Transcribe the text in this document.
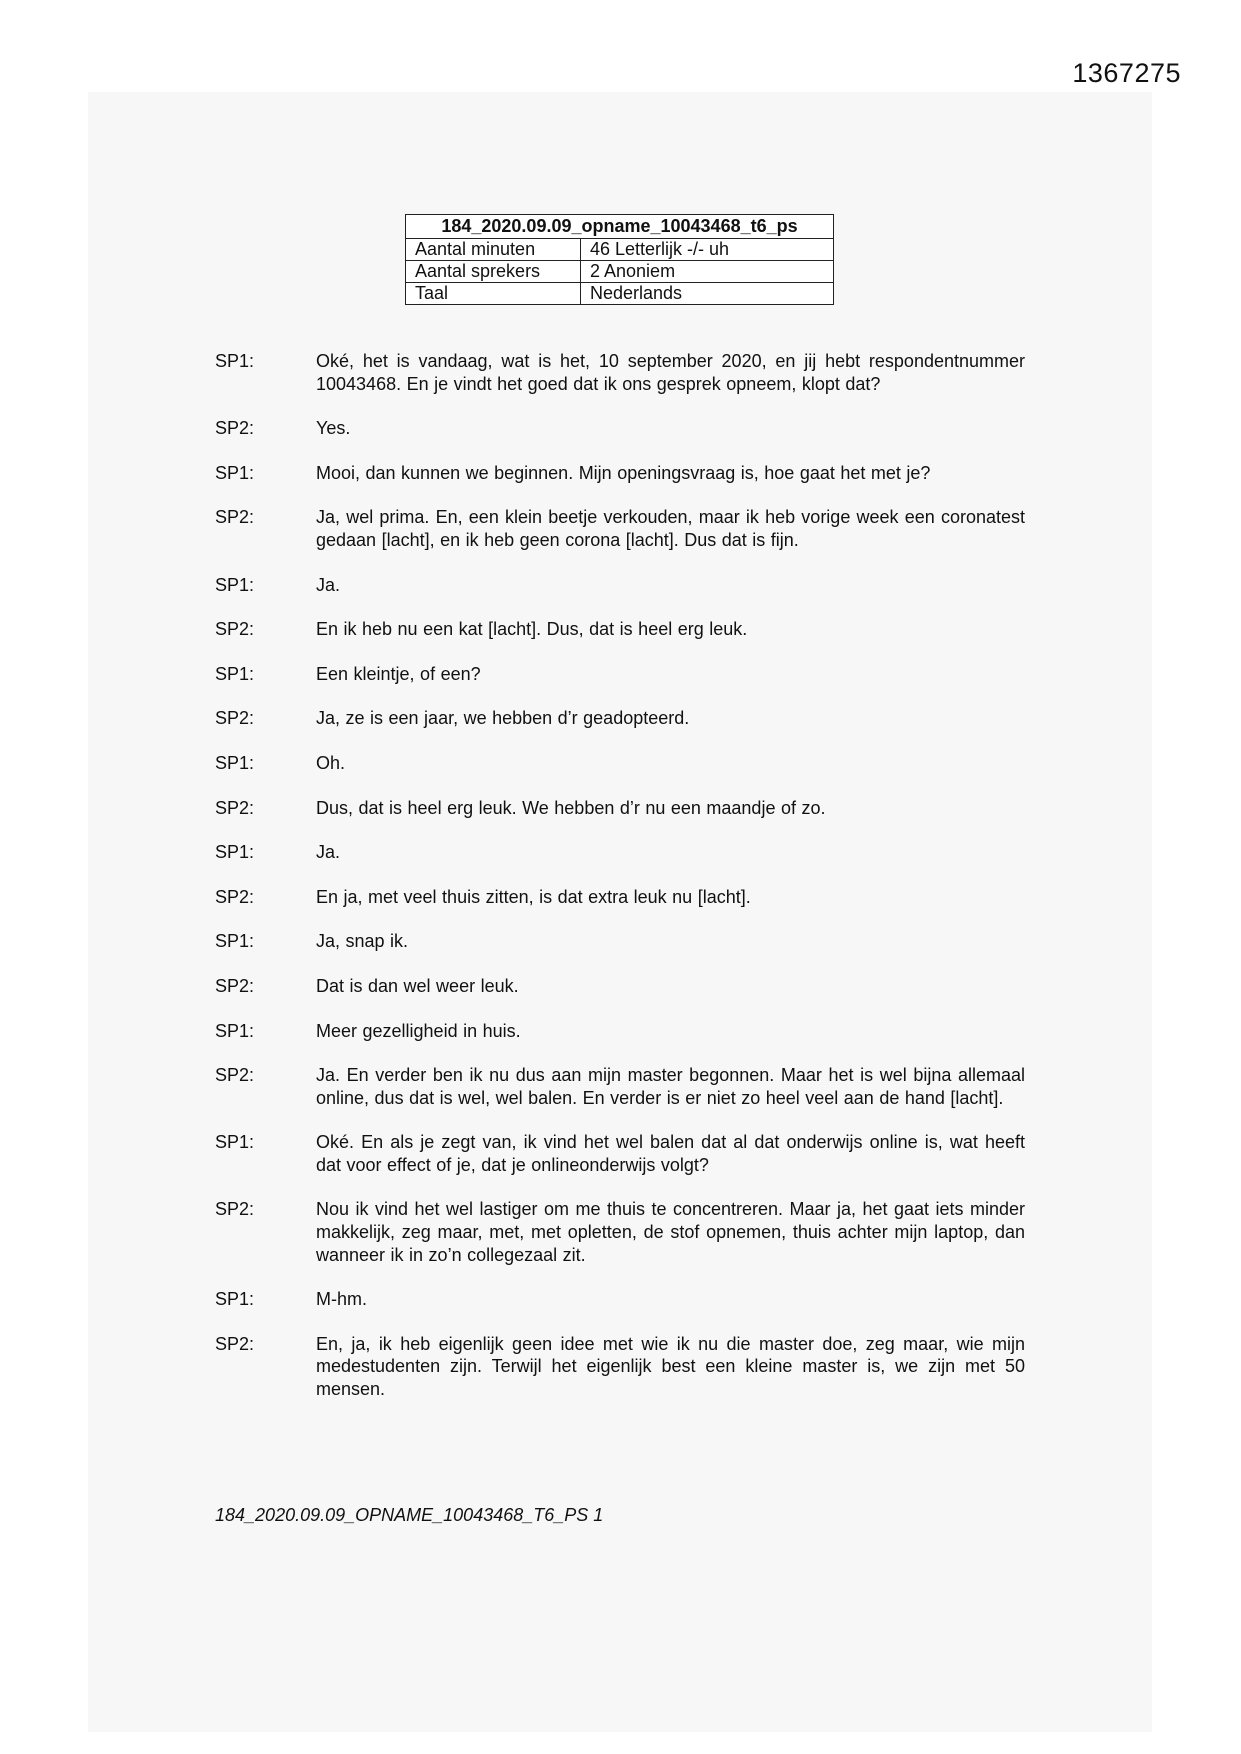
1367275
184_2020.09.09_opname_10043468_t6_ps	
Aantal minuten	46 Letterlijk -/- uh
Aantal sprekers	2 Anoniem
Taal	Nederlands
SP1:	Oké, het is vandaag, wat is het, 10 september 2020, en jij hebt respondentnummer 10043468. En je vindt het goed dat ik ons gesprek opneem, klopt dat?
SP2:	Yes.
SP1:	Mooi, dan kunnen we beginnen. Mijn openingsvraag is, hoe gaat het met je?
SP2:	Ja, wel prima. En, een klein beetje verkouden, maar ik heb vorige week een coronatest gedaan [lacht], en ik heb geen corona [lacht]. Dus dat is fijn.
SP1:	Ja.
SP2:	En ik heb nu een kat [lacht]. Dus, dat is heel erg leuk.
SP1:	Een kleintje, of een?
SP2:	Ja, ze is een jaar, we hebben d’r geadopteerd.
SP1:	Oh.
SP2:	Dus, dat is heel erg leuk. We hebben d’r nu een maandje of zo.
SP1:	Ja.
SP2:	En ja, met veel thuis zitten, is dat extra leuk nu [lacht].
SP1:	Ja, snap ik.
SP2:	Dat is dan wel weer leuk.
SP1:	Meer gezelligheid in huis.
SP2:	Ja. En verder ben ik nu dus aan mijn master begonnen. Maar het is wel bijna allemaal online, dus dat is wel, wel balen. En verder is er niet zo heel veel aan de hand [lacht].
SP1:	Oké. En als je zegt van, ik vind het wel balen dat al dat onderwijs online is, wat heeft dat voor effect of je, dat je onlineonderwijs volgt?
SP2:	Nou ik vind het wel lastiger om me thuis te concentreren. Maar ja, het gaat iets minder makkelijk, zeg maar, met, met opletten, de stof opnemen, thuis achter mijn laptop, dan wanneer ik in zo’n collegezaal zit.
SP1:	M-hm.
SP2:	En, ja, ik heb eigenlijk geen idee met wie ik nu die master doe, zeg maar, wie mijn medestudenten zijn. Terwijl het eigenlijk best een kleine master is, we zijn met 50 mensen.
184_2020.09.09_OPNAME_10043468_T6_PS 1
